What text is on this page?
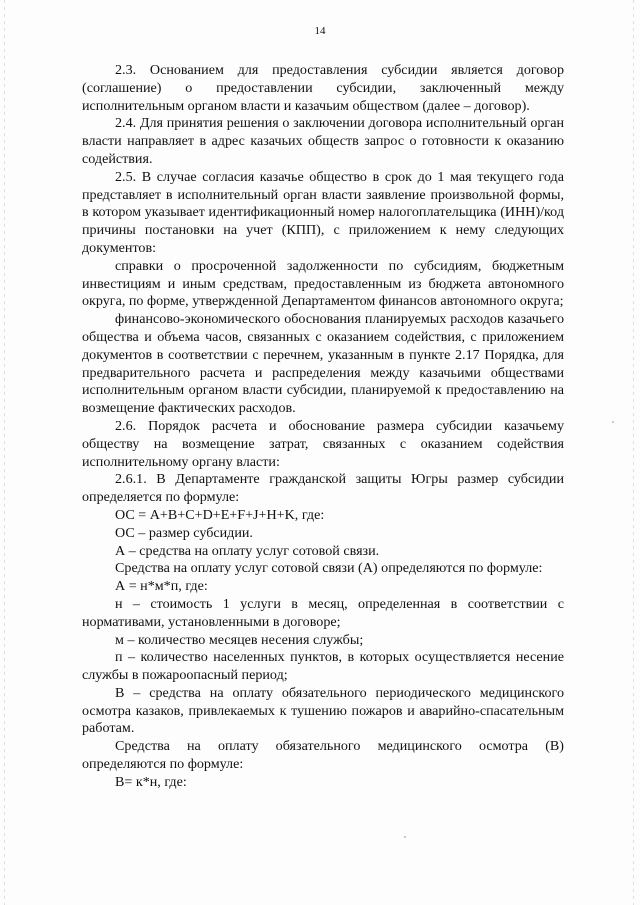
14

2.3. Основанием для предоставления субсидии является договор (соглашение) о предоставлении субсидии, заключенный между исполнительным органом власти и казачьим обществом (далее – договор).

2.4. Для принятия решения о заключении договора исполнительный орган власти направляет в адрес казачьих обществ запрос о готовности к оказанию содействия.

2.5. В случае согласия казачье общество в срок до 1 мая текущего года представляет в исполнительный орган власти заявление произвольной формы, в котором указывает идентификационный номер налогоплательщика (ИНН)/код причины постановки на учет (КПП), с приложением к нему следующих документов:

справки о просроченной задолженности по субсидиям, бюджетным инвестициям и иным средствам, предоставленным из бюджета автономного округа, по форме, утвержденной Департаментом финансов автономного округа;

финансово-экономического обоснования планируемых расходов казачьего общества и объема часов, связанных с оказанием содействия, с приложением документов в соответствии с перечнем, указанным в пункте 2.17 Порядка, для предварительного расчета и распределения между казачьими обществами исполнительным органом власти субсидии, планируемой к предоставлению на возмещение фактических расходов.

2.6. Порядок расчета и обоснование размера субсидии казачьему обществу на возмещение затрат, связанных с оказанием содействия исполнительному органу власти:

2.6.1. В Департаменте гражданской защиты Югры размер субсидии определяется по формуле:

ОС = A+B+C+D+E+F+J+H+K, где:

ОС – размер субсидии.

А – средства на оплату услуг сотовой связи.

Средства на оплату услуг сотовой связи (А) определяются по формуле:

А = н*м*п, где:

н – стоимость 1 услуги в месяц, определенная в соответствии с нормативами, установленными в договоре;

м – количество месяцев несения службы;

п – количество населенных пунктов, в которых осуществляется несение службы в пожароопасный период;

В – средства на оплату обязательного периодического медицинского осмотра казаков, привлекаемых к тушению пожаров и аварийно-спасательным работам.

Средства на оплату обязательного медицинского осмотра (В) определяются по формуле:

В= к*н, где:
